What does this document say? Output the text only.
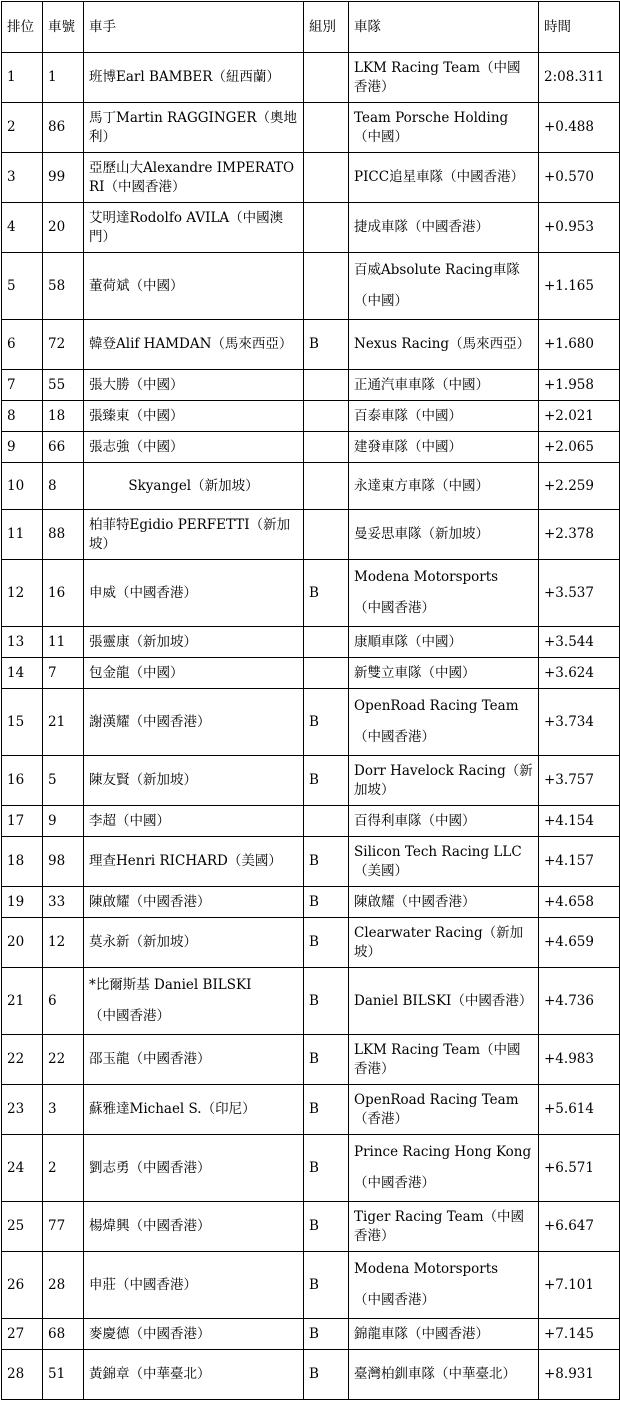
排位	車號	車手	組別	車隊	時間

1	1	班博Earl BAMBER（紐西蘭）		LKM Racing Team（中國香港）	2:08.311

2	86	馬丁Martin RAGGINGER（奧地利）		Team Porsche Holding（中國）	+0.488

3	99	亞歷山大Alexandre IMPERATORI（中國香港）		PICC追星車隊（中國香港）	+0.570

4	20	艾明達Rodolfo AVILA（中國澳門）		捷成車隊（中國香港）	+0.953

5	58	董荷斌（中國）		百威Absolute Racing車隊
（中國）	+1.165

6	72	韓登Alif HAMDAN（馬來西亞）	B	Nexus Racing（馬來西亞）	+1.680

7	55	張大勝（中國）		正通汽車車隊（中國）	+1.958

8	18	張臻東（中國）		百泰車隊（中國）	+2.021

9	66	張志強（中國）		建發車隊（中國）	+2.065

10	8	Skyangel（新加坡）		永達東方車隊（中國）	+2.259

11	88	柏菲特Egidio PERFETTI（新加坡）		曼妥思車隊（新加坡）	+2.378

12	16	申威（中國香港）	B	Modena Motorsports
（中國香港）	+3.537

13	11	張靈康（新加坡）		康順車隊（中國）	+3.544

14	7	包金龍（中國）		新雙立車隊（中國）	+3.624

15	21	謝漢耀（中國香港）	B	OpenRoad Racing Team
（中國香港）	+3.734

16	5	陳友賢（新加坡）	B	Dorr Havelock Racing（新加坡）	+3.757

17	9	李超（中國）		百得利車隊（中國）	+4.154

18	98	理查Henri RICHARD（美國）	B	Silicon Tech Racing LLC（美國）	+4.157

19	33	陳啟耀（中國香港）	B	陳啟耀（中國香港）	+4.658

20	12	莫永新（新加坡）	B	Clearwater Racing（新加坡）	+4.659

21	6	*比爾斯基 Daniel BILSKI
（中國香港）	B	Daniel BILSKI（中國香港）	+4.736

22	22	邵玉龍（中國香港）	B	LKM Racing Team（中國香港）	+4.983

23	3	蘇雅達Michael S.（印尼）	B	OpenRoad Racing Team（香港）	+5.614

24	2	劉志勇（中國香港）	B	Prince Racing Hong Kong
（中國香港）	+6.571

25	77	楊煒興（中國香港）	B	Tiger Racing Team（中國香港）	+6.647

26	28	申莊（中國香港）	B	Modena Motorsports
（中國香港）	+7.101

27	68	麥慶德（中國香港）	B	錦龍車隊（中國香港）	+7.145

28	51	黃錦章（中華臺北）	B	臺灣柏釧車隊（中華臺北）	+8.931
